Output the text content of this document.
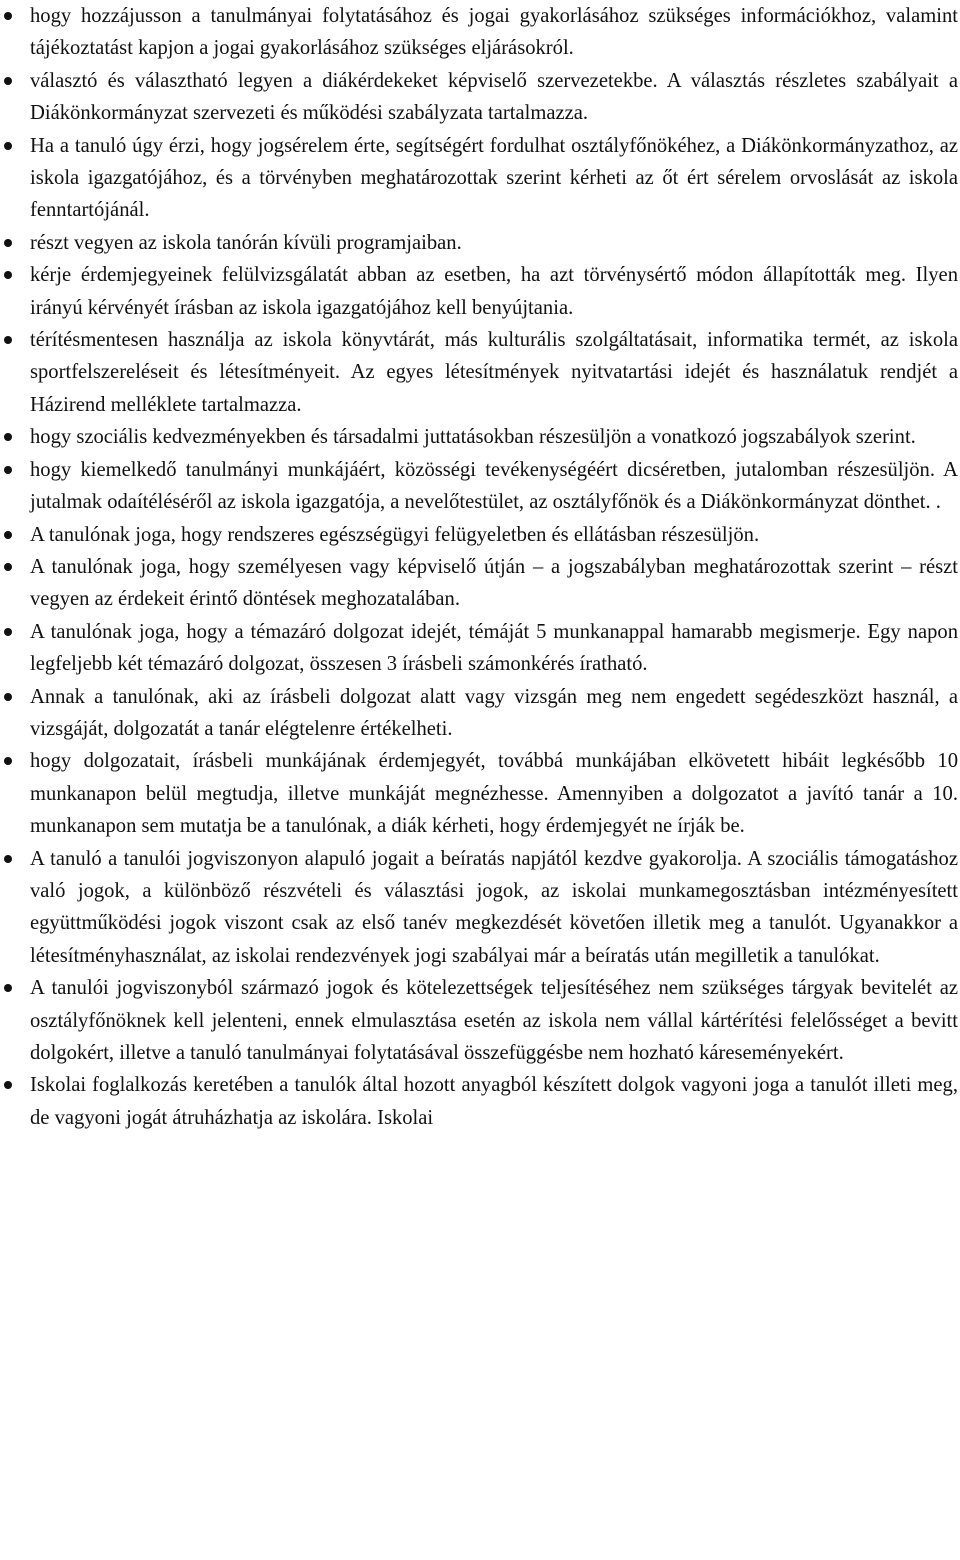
hogy hozzájusson a tanulmányai folytatásához és jogai gyakorlásához szükséges információkhoz, valamint tájékoztatást kapjon a jogai gyakorlásához szükséges eljárásokról.
választó és választható legyen a diákérdekeket képviselő szervezetekbe. A választás részletes szabályait a Diákönkormányzat szervezeti és működési szabályzata tartalmazza.
Ha a tanuló úgy érzi, hogy jogsérelem érte, segítségért fordulhat osztályfőnökéhez, a Diákönkormányzathoz, az iskola igazgatójához, és a törvényben meghatározottak szerint kérheti az őt ért sérelem orvoslását az iskola fenntartójánál.
részt vegyen az iskola tanórán kívüli programjaiban.
kérje érdemjegyeinek felülvizsgálatát abban az esetben, ha azt törvénysértő módon állapították meg. Ilyen irányú kérvényét írásban az iskola igazgatójához kell benyújtania.
térítésmentesen használja az iskola könyvtárát, más kulturális szolgáltatásait, informatika termét, az iskola sportfelszereléseit és létesítményeit. Az egyes létesítmények nyitvatartási idejét és használatuk rendjét a Házirend melléklete tartalmazza.
hogy szociális kedvezményekben és társadalmi juttatásokban részesüljön a vonatkozó jogszabályok szerint.
hogy kiemelkedő tanulmányi munkájáért, közösségi tevékenységéért dicséretben, jutalomban részesüljön. A jutalmak odaítéléséről az iskola igazgatója, a nevelőtestület, az osztályfőnök és a Diákönkormányzat dönthet. .
A tanulónak joga, hogy rendszeres egészségügyi felügyeletben és ellátásban részesüljön.
A tanulónak joga, hogy személyesen vagy képviselő útján – a jogszabályban meghatározottak szerint – részt vegyen az érdekeit érintő döntések meghozatalában.
A tanulónak joga, hogy a témazáró dolgozat idejét, témáját 5 munkanappal hamarabb megismerje. Egy napon legfeljebb két témazáró dolgozat, összesen 3 írásbeli számonkérés íratható.
Annak a tanulónak, aki az írásbeli dolgozat alatt vagy vizsgán meg nem engedett segédeszközt használ, a vizsgáját, dolgozatát a tanár elégtelenre értékelheti.
hogy dolgozatait, írásbeli munkájának érdemjegyét, továbbá munkájában elkövetett hibáit legkésőbb 10 munkanapon belül megtudja, illetve munkáját megnézhesse. Amennyiben a dolgozatot a javító tanár a 10. munkanapon sem mutatja be a tanulónak, a diák kérheti, hogy érdemjegyét ne írják be.
A tanuló a tanulói jogviszonyon alapuló jogait a beíratás napjától kezdve gyakorolja. A szociális támogatáshoz való jogok, a különböző részvételi és választási jogok, az iskolai munkamegosztásban intézményesített együttműködési jogok viszont csak az első tanév megkezdését követően illetik meg a tanulót. Ugyanakkor a létesítményhasználat, az iskolai rendezvények jogi szabályai már a beíratás után megilletik a tanulókat.
A tanulói jogviszonyból származó jogok és kötelezettségek teljesítéséhez nem szükséges tárgyak bevitelét az osztályfőnöknek kell jelenteni, ennek elmulasztása esetén az iskola nem vállal kártérítési felelősséget a bevitt dolgokért, illetve a tanuló tanulmányai folytatásával összefüggésbe nem hozható káreseményekért.
Iskolai foglalkozás keretében a tanulók által hozott anyagból készített dolgok vagyoni joga a tanulót illeti meg, de vagyoni jogát átruházhatja az iskolára. Iskolai
